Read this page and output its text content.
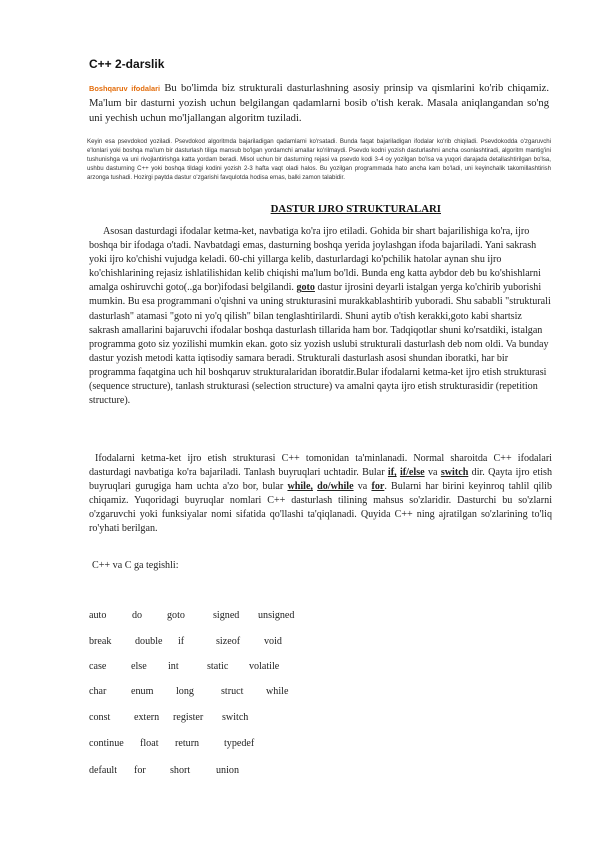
C++ 2-darslik
Boshqaruv ifodalari Bu bo'limda biz strukturali dasturlashning asosiy prinsip va qismlarini ko'rib chiqamiz. Ma'lum bir dasturni yozish uchun belgilangan qadamlarni bosib o'tish kerak. Masala aniqlangandan so'ng uni yechish uchun mo'ljallangan algoritm tuziladi.
Keyin esa psevdokod yoziladi. Psevdokod algoritmda bajariladigan qadamlarni ko'rsatadi. Bunda faqat bajariladigan ifodalar ko'rib chiqiladi. Psevdokodda o'zgaruvchi e'lonlari yoki boshqa ma'lum bir dasturlash tiliga mansub bo'lgan yordamchi amallar ko'rilmaydi. Psevdo kodni yozish dasturlashni ancha osonlashtiradi, algoritm mantig'ini tushunishga va uni rivojlantirishga katta yordam beradi. Misol uchun bir dasturning rejasi va psevdo kodi 3-4 oy yozilgan bo'lsa va yuqori darajada detallashtirilgan bo'lsa, ushbu dasturning C++ yoki boshqa tildagi kodini yozish 2-3 hafta vaqt oladi halos. Bu yozilgan programmada hato ancha kam bo'ladi, uni keyinchalik takomillashtirish arzonga tushadi. Hozirgi paytda dastur o'zgarishi favqulotda hodisa emas, balki zamon talabidir.
DASTUR IJRO STRUKTURALARI
Asosan dasturdagi ifodalar ketma-ket, navbatiga ko'ra ijro etiladi. Gohida bir shart bajarilishiga ko'ra, ijro boshqa bir ifodaga o'tadi. Navbatdagi emas, dasturning boshqa yerida joylashgan ifoda bajariladi. Yani sakrash yoki ijro ko'chishi vujudga keladi. 60-chi yillarga kelib, dasturlardagi ko'pchilik hatolar aynan shu ijro ko'chishlarining rejasiz ishlatilishidan kelib chiqishi ma'lum bo'ldi. Bunda eng katta aybdor deb bu ko'shishlarni amalga oshiruvchi goto(..ga bor)ifodasi belgilandi. goto dastur ijrosini deyarli istalgan yerga ko'chirib yuborishi mumkin. Bu esa programmani o'qishni va uning strukturasini murakkablashtirib yuboradi. Shu sababli "strukturali dasturlash" atamasi "goto ni yo'q qilish" bilan tenglashtirilardi. Shuni aytib o'tish kerakki,goto kabi shartsiz sakrash amallarini bajaruvchi ifodalar boshqa dasturlash tillarida ham bor. Tadqiqotlar shuni ko'rsatdiki, istalgan programma goto siz yozilishi mumkin ekan. goto siz yozish uslubi strukturali dasturlash deb nom oldi. Va bunday dastur yozish metodi katta iqtisodiy samara beradi. Strukturali dasturlash asosi shundan iboratki, har bir programma faqatgina uch hil boshqaruv strukturalaridan iboratdir.Bular ifodalarni ketma-ket ijro etish strukturasi (sequence structure), tanlash strukturasi (selection structure) va amalni qayta ijro etish strukturasidir (repetition structure).
Ifodalarni ketma-ket ijro etish strukturasi C++ tomonidan ta'minlanadi. Normal sharoitda C++ ifodalari dasturdagi navbatiga ko'ra bajariladi. Tanlash buyruqlari uchtadir. Bular if, if/else va switch dir. Qayta ijro etish buyruqlari gurugiga ham uchta a'zo bor, bular while, do/while va for. Bularni har birini keyinroq tahlil qilib chiqamiz. Yuqoridagi buyruqlar nomlari C++ dasturlash tilining mahsus so'zlaridir. Dasturchi bu so'zlarni o'zgaruvchi yoki funksiyalar nomi sifatida qo'llashi ta'qiqlanadi. Quyida C++ ning ajratilgan so'zlarining to'liq ro'yhati berilgan.
C++ va C ga tegishli:
auto	do goto	signed unsigned
break double if	sizeof void
case else int	static volatile
char enum long	struct while
const extern register switch
continue float return typedef
default for short	union
